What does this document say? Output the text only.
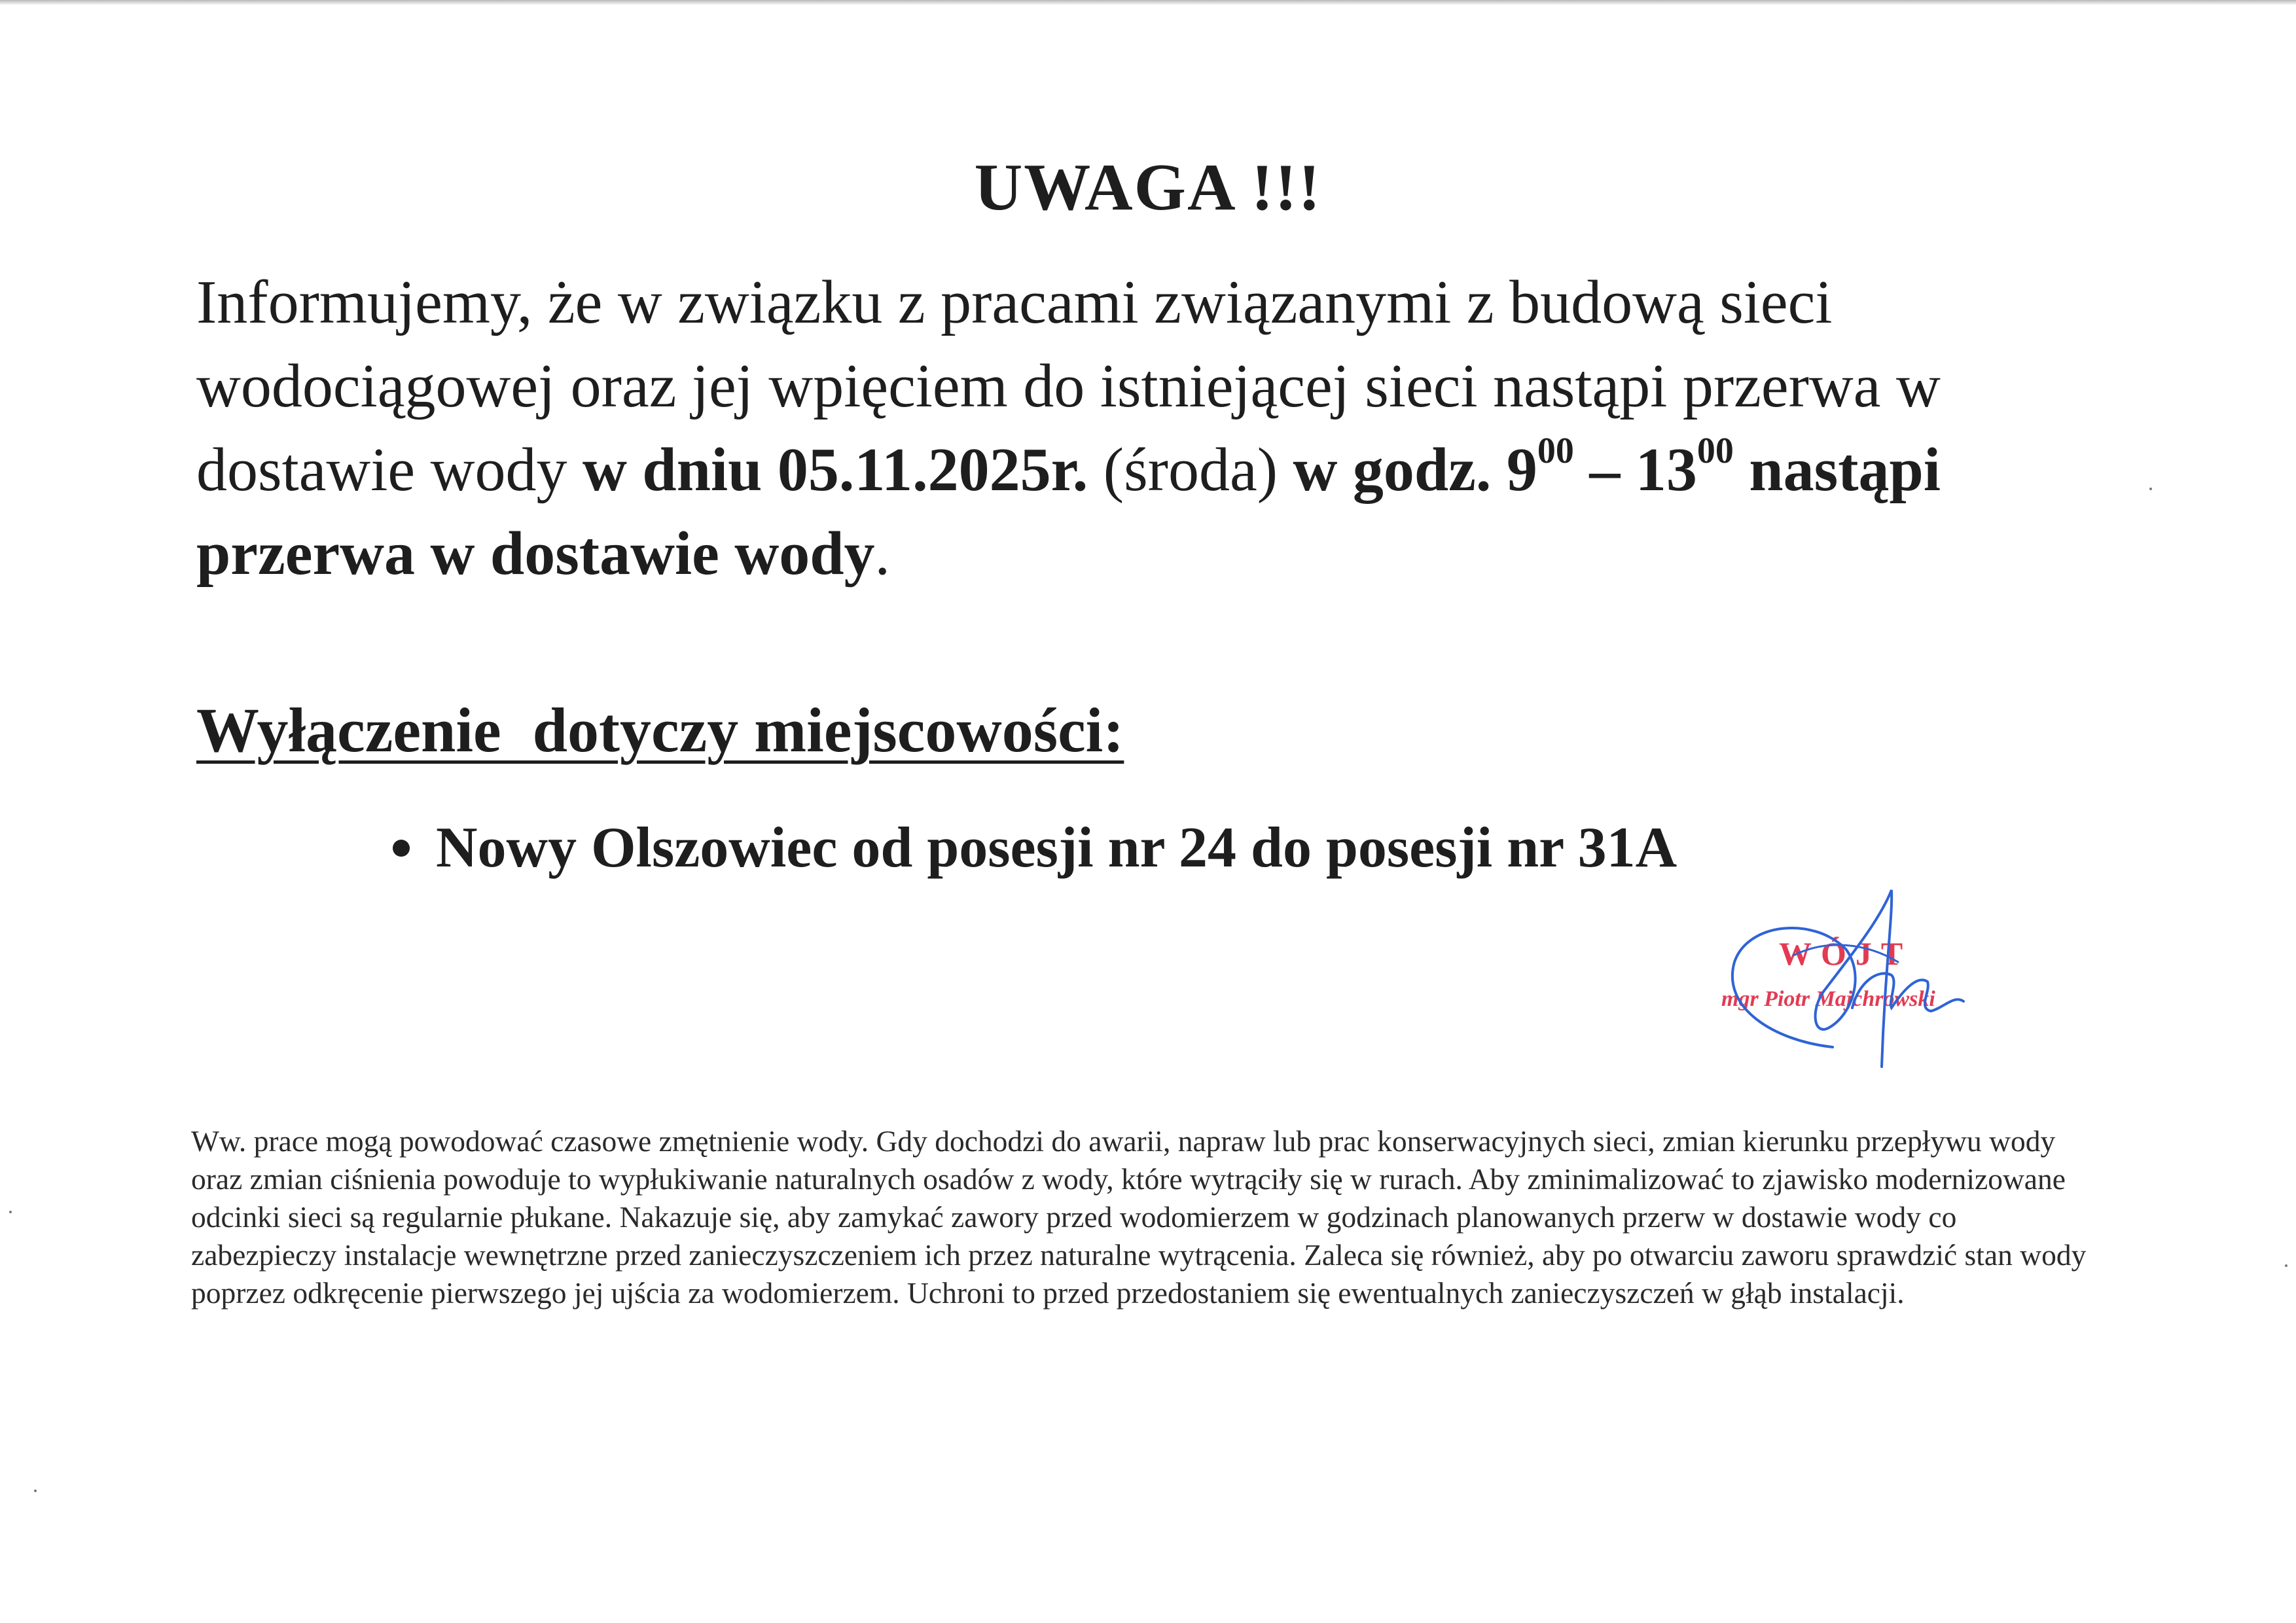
UWAGA !!!

Informujemy, że w związku z pracami związanymi z budową sieci wodociągowej oraz jej wpięciem do istniejącej sieci nastąpi przerwa w dostawie wody w dniu 05.11.2025r. (środa) w godz. $9^{00} - 13^{00}$ nastąpi przerwa w dostawie wody.

Wyłączenie  dotyczy miejscowości:
Nowy Olszowiec od posesji nr 24 do posesji nr 31A

WÓJT

mgr Piotr Majchrowski

Ww. prace mogą powodować czasowe zmętnienie wody. Gdy dochodzi do awarii, napraw lub prac konserwacyjnych sieci, zmian kierunku przepływu wody oraz zmian ciśnienia powoduje to wypłukiwanie naturalnych osadów z wody, które wytrąciły się w rurach. Aby zminimalizować to zjawisko modernizowane odcinki sieci są regularnie płukane. Nakazuje się, aby zamykać zawory przed wodomierzem w godzinach planowanych przerw w dostawie wody co zabezpieczy instalacje wewnętrzne przed zanieczyszczeniem ich przez naturalne wytrącenia. Zaleca się również, aby po otwarciu zaworu sprawdzić stan wody poprzez odkręcenie pierwszego jej ujścia za wodomierzem. Uchroni to przed przedostaniem się ewentualnych zanieczyszczeń w głąb instalacji.
